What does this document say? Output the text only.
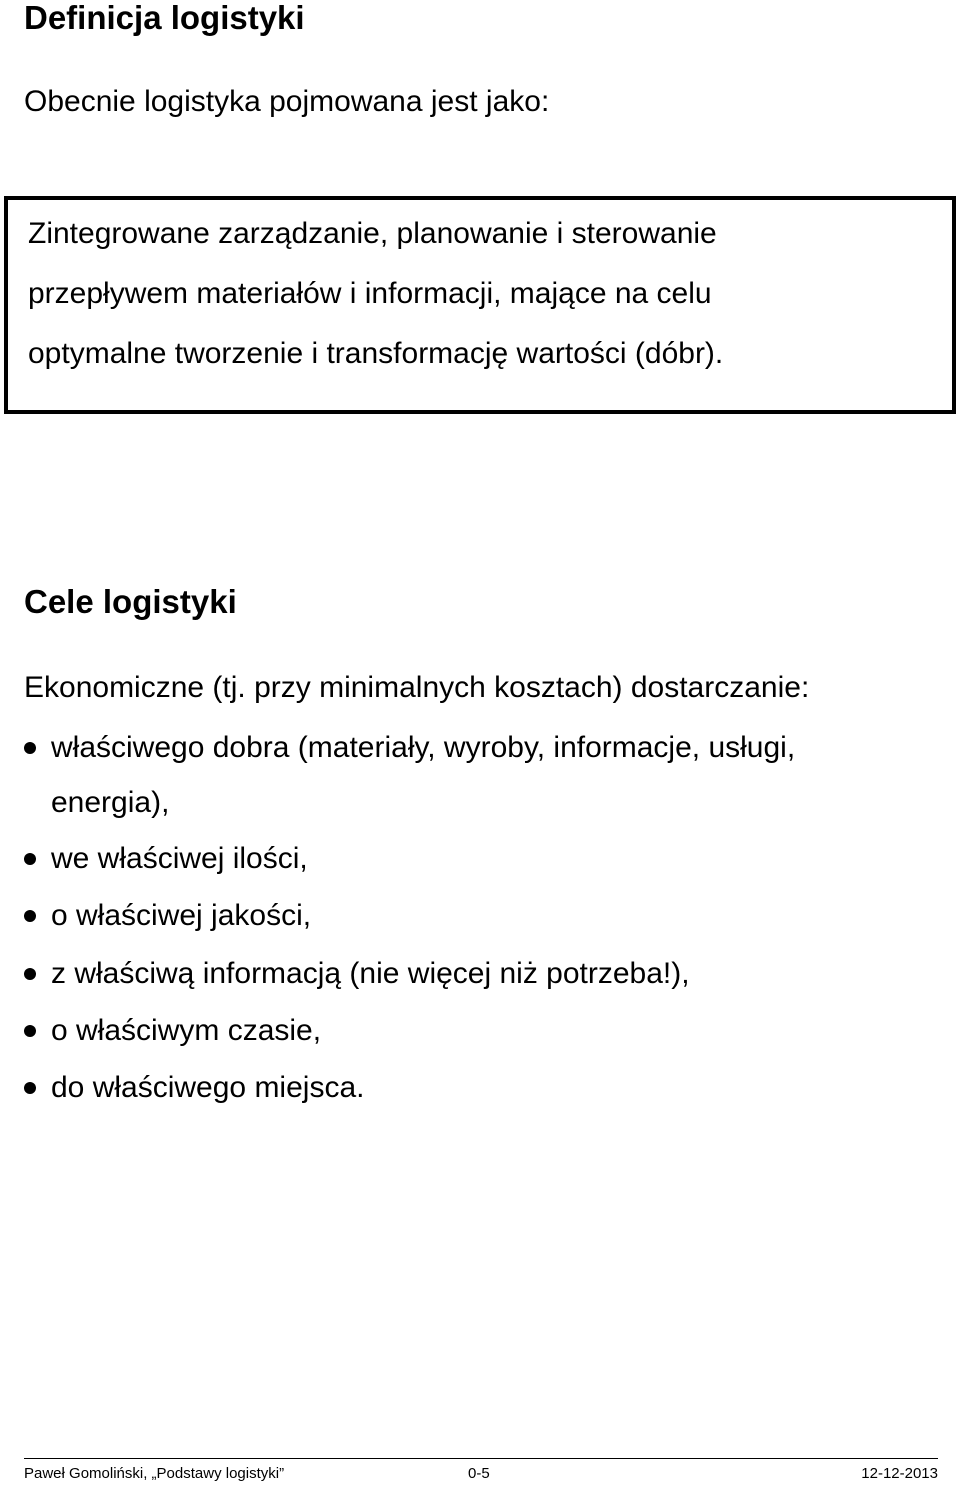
Definicja logistyki

Obecnie logistyka pojmowana jest jako:

Zintegrowane zarządzanie, planowanie i sterowanie
przepływem materiałów i informacji, mające na celu
optymalne tworzenie i transformację wartości (dóbr).
Cele logistyki

Ekonomiczne (tj. przy minimalnych kosztach) dostarczanie:

właściwego dobra (materiały, wyroby, informacje, usługi,
energia),
we właściwej ilości,
o właściwej jakości,
z właściwą informacją (nie więcej niż potrzeba!),
o właściwym czasie,
do właściwego miejsca.
Paweł Gomoliński, „Podstawy logistyki”	0-5	12-12-2013
